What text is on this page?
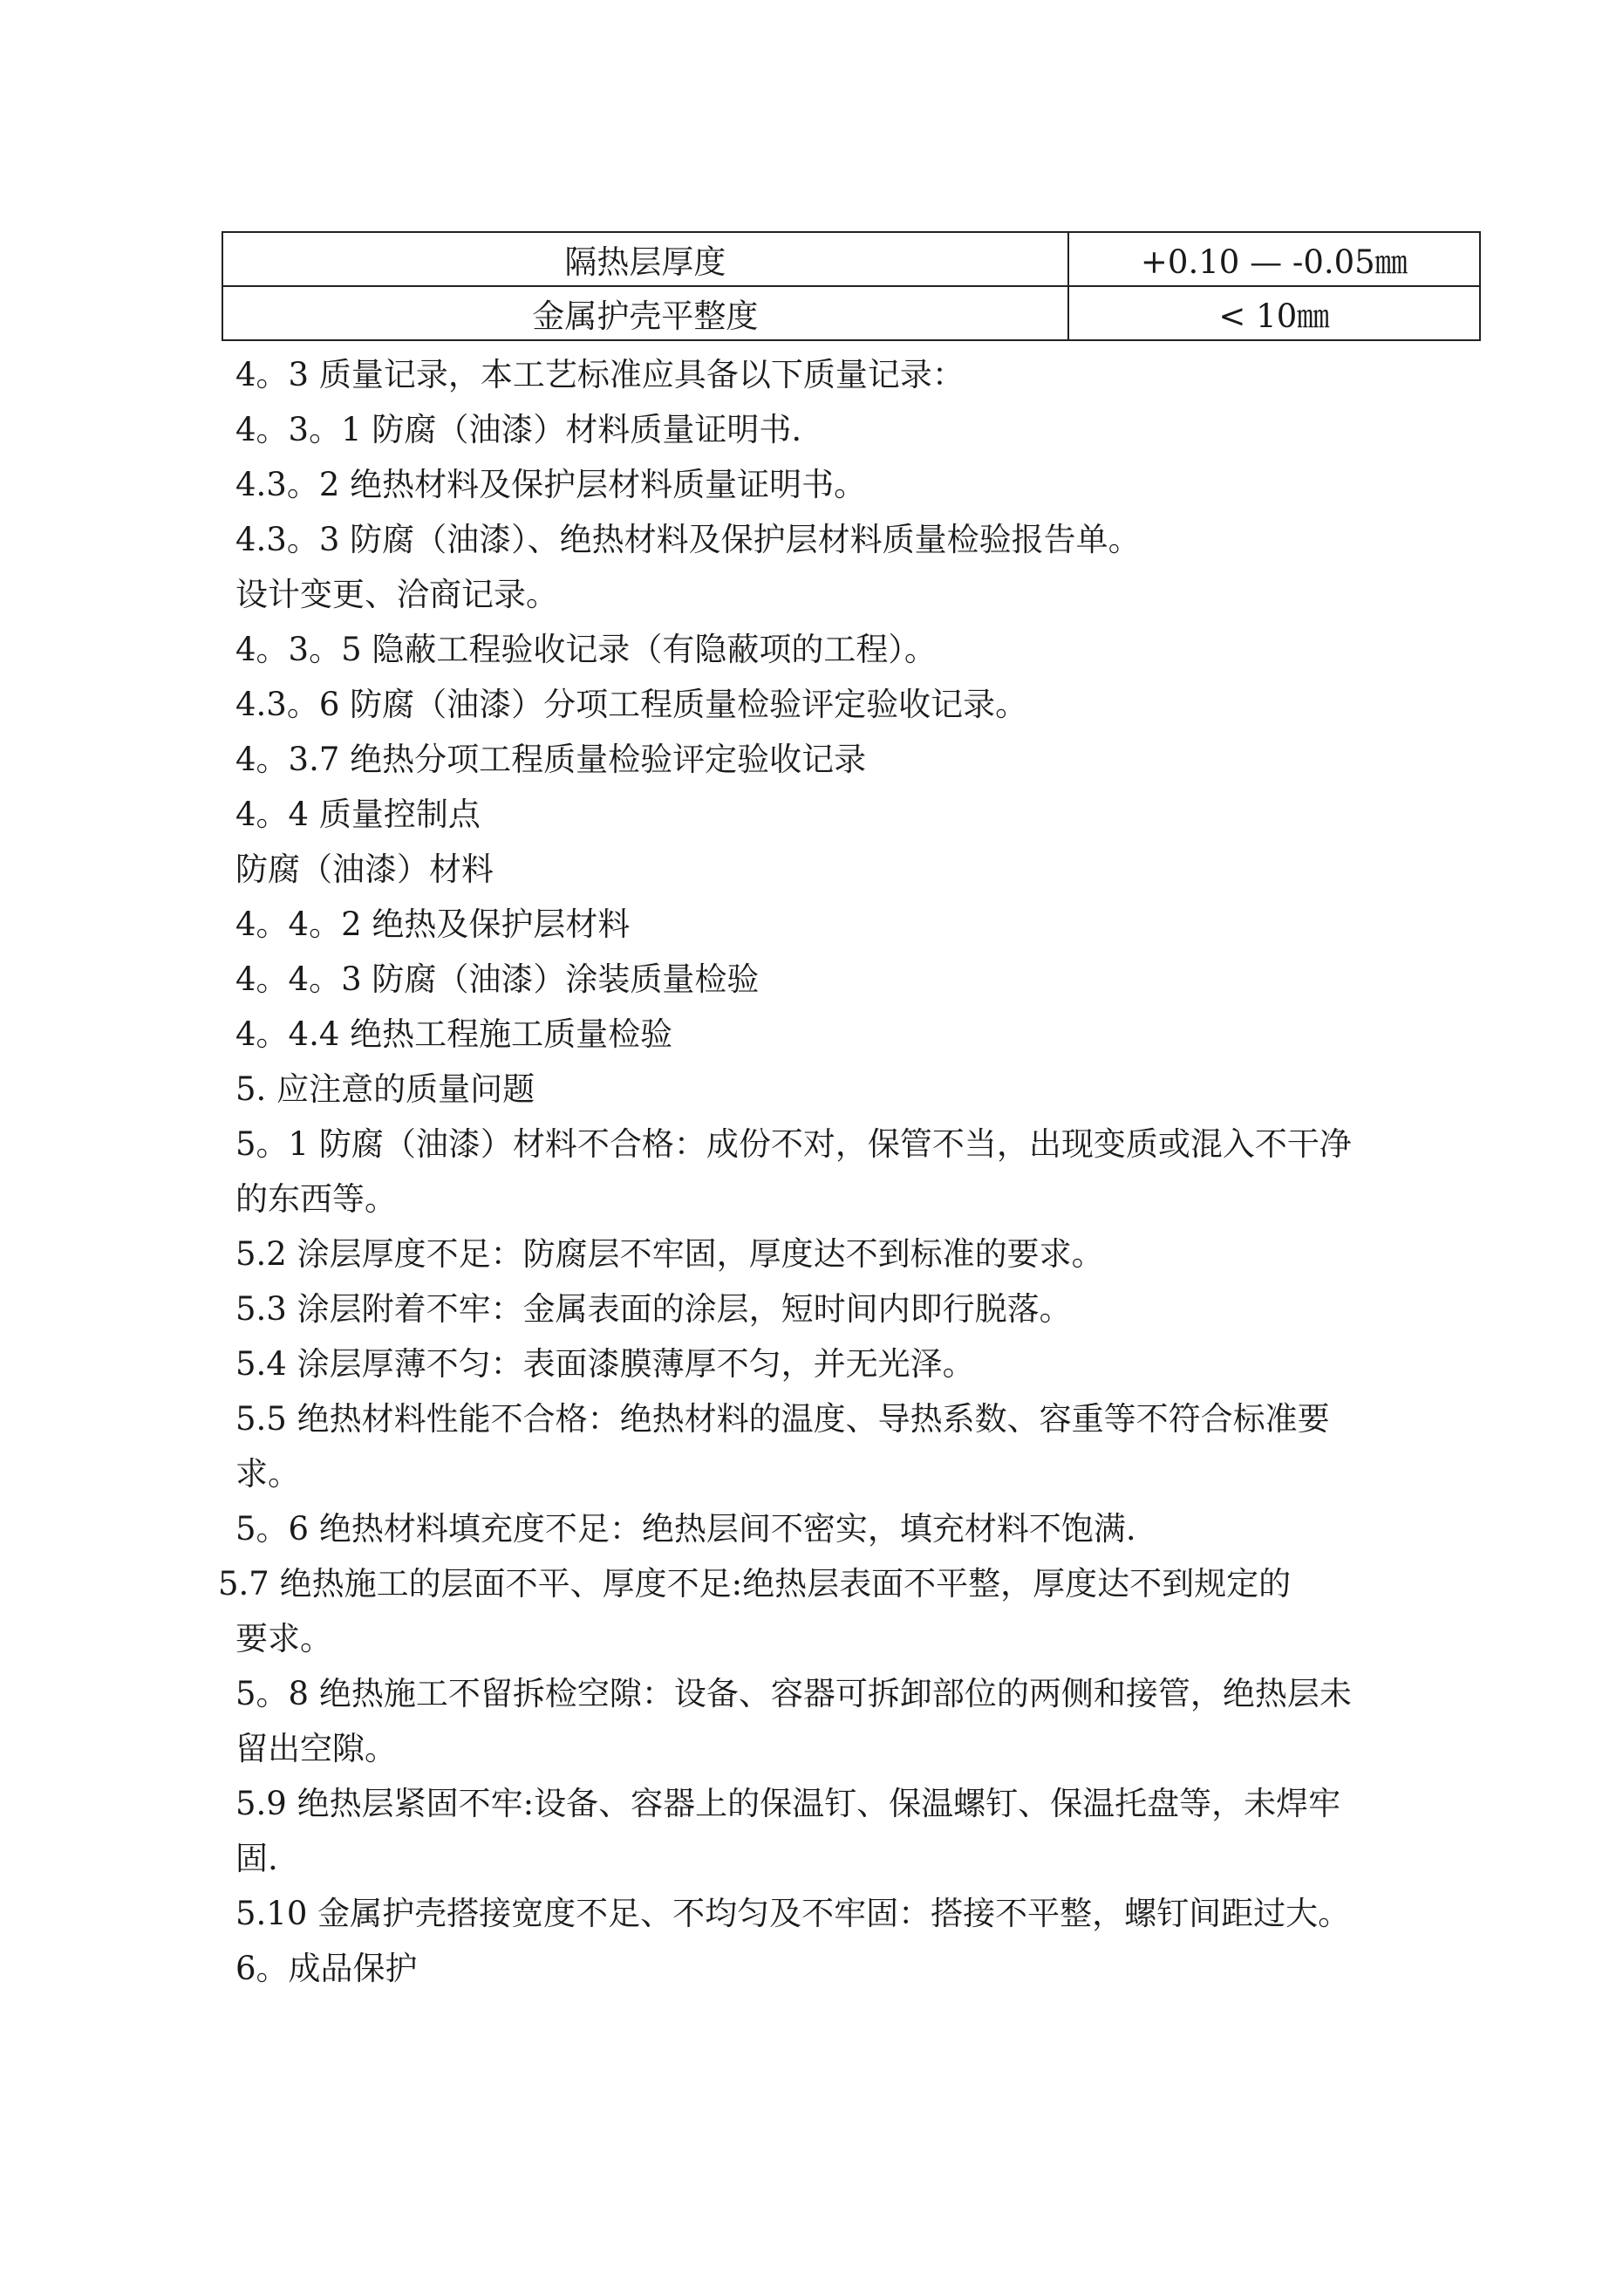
隔热层厚度	+0.10 — -0.05㎜
金属护壳平整度	< 10㎜

4。3 质量记录，本工艺标准应具备以下质量记录：

4。3。1 防腐（油漆）材料质量证明书.

4.3。2 绝热材料及保护层材料质量证明书。

4.3。3 防腐（油漆）、绝热材料及保护层材料质量检验报告单。

设计变更、洽商记录。

4。3。5 隐蔽工程验收记录（有隐蔽项的工程）。

4.3。6 防腐（油漆）分项工程质量检验评定验收记录。

4。3.7 绝热分项工程质量检验评定验收记录

4。4 质量控制点

防腐（油漆）材料

4。4。2 绝热及保护层材料

4。4。3 防腐（油漆）涂装质量检验

4。4.4 绝热工程施工质量检验

5. 应注意的质量问题

5。1 防腐（油漆）材料不合格：成份不对，保管不当，出现变质或混入不干净
的东西等。

5.2 涂层厚度不足：防腐层不牢固，厚度达不到标准的要求。

5.3 涂层附着不牢：金属表面的涂层，短时间内即行脱落。

5.4 涂层厚薄不匀：表面漆膜薄厚不匀，并无光泽。

5.5 绝热材料性能不合格：绝热材料的温度、导热系数、容重等不符合标准要
求。

5。6 绝热材料填充度不足：绝热层间不密实，填充材料不饱满.

5.7 绝热施工的层面不平、厚度不足:绝热层表面不平整，厚度达不到规定的
要求。

5。8 绝热施工不留拆检空隙：设备、容器可拆卸部位的两侧和接管，绝热层未
留出空隙。

5.9 绝热层紧固不牢:设备、容器上的保温钉、保温螺钉、保温托盘等，未焊牢
固.

5.10 金属护壳搭接宽度不足、不均匀及不牢固：搭接不平整，螺钉间距过大。

6。成品保护
